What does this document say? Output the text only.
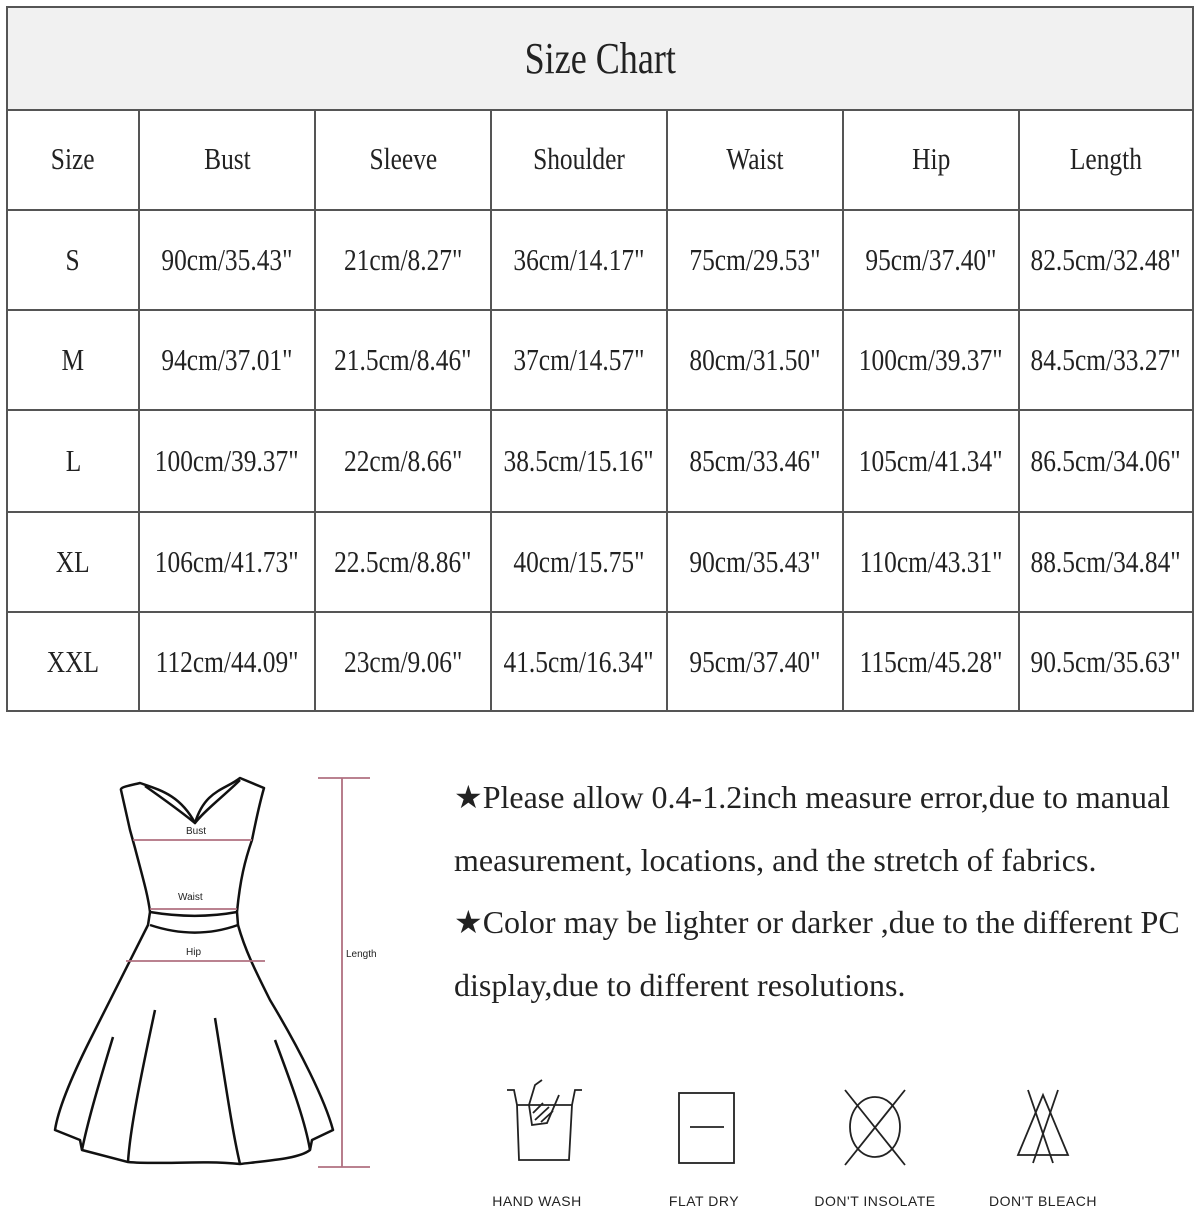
Size Chart
Size	Bust	Sleeve	Shoulder	Waist	Hip	Length
S	90cm/35.43" 21cm/8.27" 36cm/14.17" 75cm/29.53" 95cm/37.40" 82.5cm/32.48"
M 94cm/37.01" 21.5cm/8.46" 37cm/14.57" 80cm/31.50" 100cm/39.37" 84.5cm/33.27"
L 100cm/39.37" 22cm/8.66" 38.5cm/15.16" 85cm/33.46" 105cm/41.34" 86.5cm/34.06"
XL 106cm/41.73" 22.5cm/8.86" 40cm/15.75" 90cm/35.43" 110cm/43.31" 88.5cm/34.84"
XXL 112cm/44.09" 23cm/9.06" 41.5cm/16.34" 95cm/37.40" 115cm/45.28" 90.5cm/35.63"
Bust
Waist
Hip	Length
★Please allow 0.4-1.2inch measure error,due to manual measurement, locations, and the stretch of fabrics.
★Color may be lighter or darker ,due to the different PC display,due to different resolutions.
HAND WASH	FLAT DRY	DON'T INSOLATE	DON'T BLEACH
